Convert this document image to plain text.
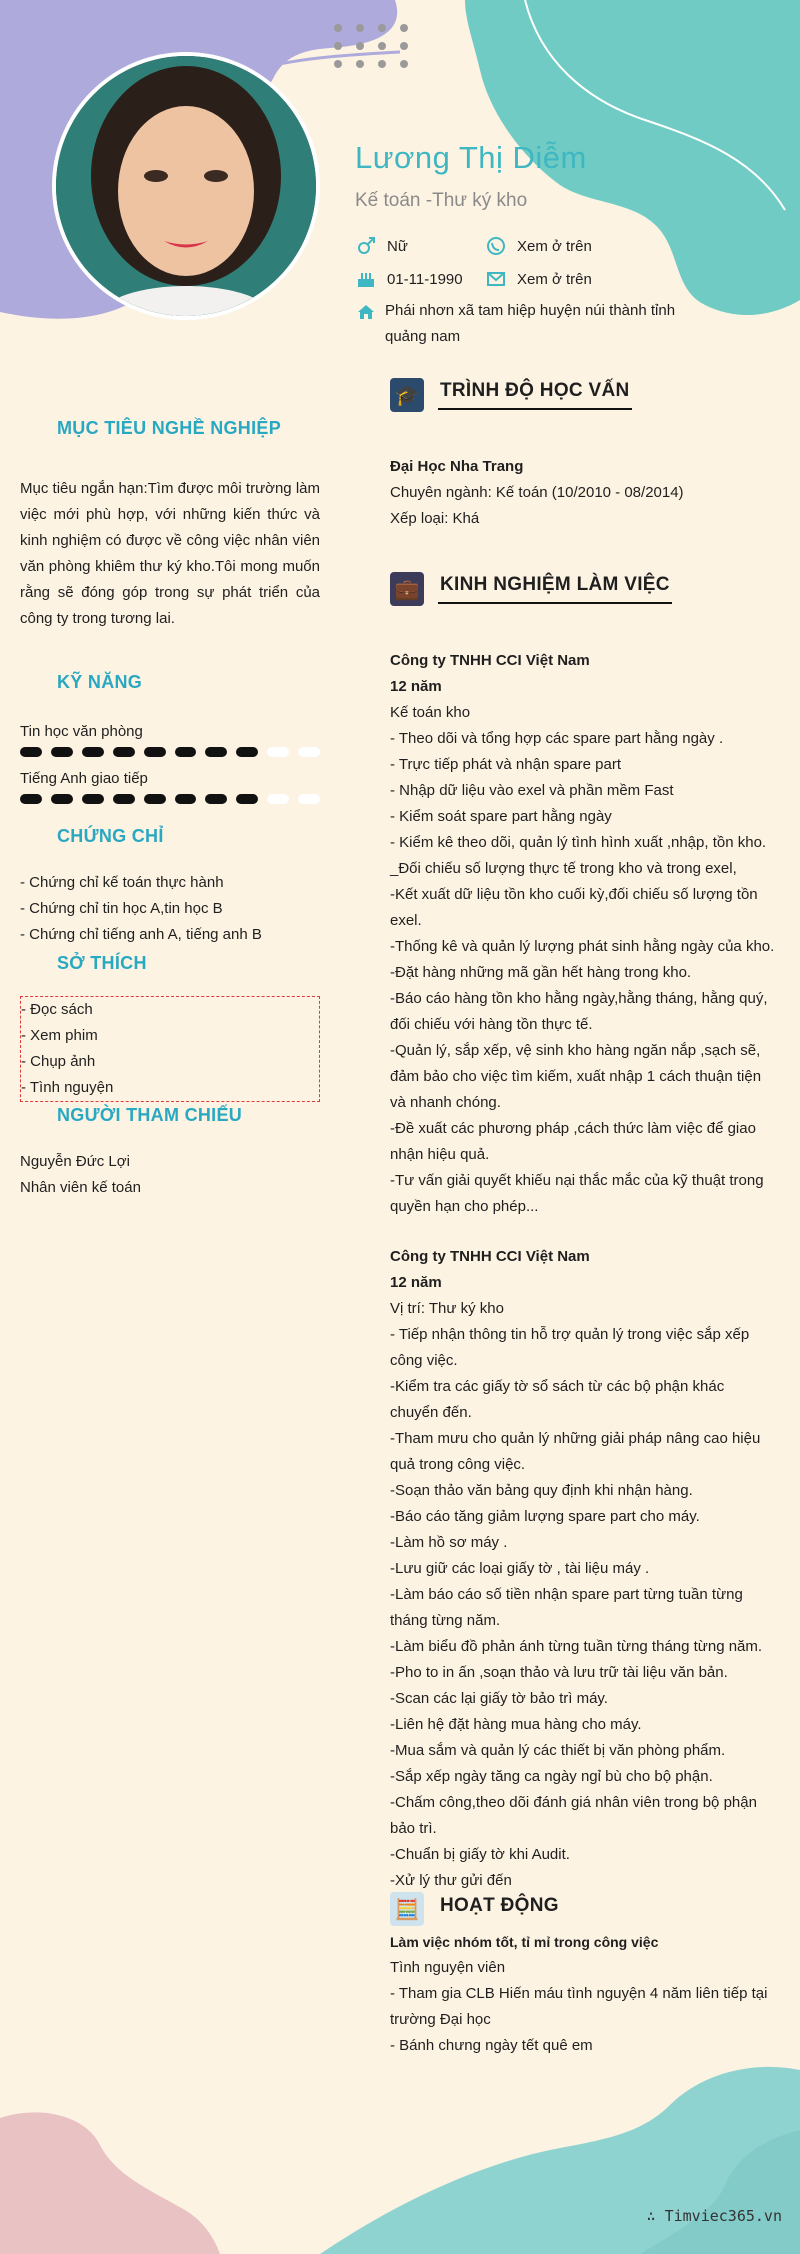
Lương Thị Diễm
Kế toán -Thư ký kho
Nữ	Xem ở trên
01-11-1990	Xem ở trên
Phái nhơn xã tam hiệp huyện núi thành tỉnh quảng nam
MỤC TIÊU NGHỀ NGHIỆP
Mục tiêu ngắn hạn:Tìm được môi trường làm việc mới phù hợp, với những kiến thức và kinh nghiệm có được về công việc nhân viên văn phòng khiêm thư ký kho.Tôi mong muốn rằng sẽ đóng góp trong sự phát triển của công ty trong tương lai.
KỸ NĂNG
Tin học văn phòng
Tiếng Anh giao tiếp
CHỨNG CHỈ
- Chứng chỉ kế toán thực hành
- Chứng chỉ tin học A,tin học B
- Chứng chỉ tiếng anh A, tiếng anh B
SỞ THÍCH
- Đọc sách
- Xem phim
- Chụp ảnh
- Tình nguyện
NGƯỜI THAM CHIẾU
Nguyễn Đức Lợi
Nhân viên kế toán
🎓 TRÌNH ĐỘ HỌC VẤN
Đại Học Nha Trang
Chuyên ngành: Kế toán (10/2010 - 08/2014)
Xếp loại: Khá
💼 KINH NGHIỆM LÀM VIỆC
Công ty TNHH CCI Việt Nam
12 năm
Kế toán kho
- Theo dõi và tổng hợp các spare part hằng ngày .
- Trực tiếp phát và nhận spare part
- Nhập dữ liệu vào exel và phần mềm Fast
- Kiểm soát spare part hằng ngày
- Kiểm kê theo dõi, quản lý tình hình xuất ,nhập, tồn kho.
_Đối chiếu số lượng thực tế trong kho và trong exel,
-Kết xuất dữ liệu tồn kho cuối kỳ,đối chiếu số lượng tồn exel.
-Thống kê và quản lý lượng phát sinh hằng ngày của kho.
-Đặt hàng những mã gần hết hàng trong kho.
-Báo cáo hàng tồn kho hằng ngày,hằng tháng, hằng quý, đối chiếu với hàng tồn thực tế.
-Quản lý, sắp xếp, vệ sinh kho hàng ngăn nắp ,sạch sẽ, đảm bảo cho việc tìm kiếm, xuất nhập 1 cách thuận tiện và nhanh chóng.
-Đề xuất các phương pháp ,cách thức làm việc để giao nhận hiệu quả.
-Tư vấn giải quyết khiếu nại thắc mắc của kỹ thuật trong quyền hạn cho phép...
Công ty TNHH CCI Việt Nam
12 năm
Vị trí: Thư ký kho
- Tiếp nhận thông tin hỗ trợ quản lý trong việc sắp xếp công việc.
-Kiểm tra các giấy tờ sổ sách từ các bộ phận khác chuyển đến.
-Tham mưu cho quản lý những giải pháp nâng cao hiệu quả trong công việc.
-Soạn thảo văn bảng quy định khi nhận hàng.
-Báo cáo tăng giảm lượng spare part cho máy.
-Làm hồ sơ máy .
-Lưu giữ các loại giấy tờ , tài liệu máy .
-Làm báo cáo số tiền nhận spare part từng tuần từng tháng từng năm.
-Làm biểu đồ phản ánh từng tuần từng tháng từng năm.
-Pho to in ấn ,soạn thảo và lưu trữ tài liệu văn bản.
-Scan các lại giấy tờ bảo trì máy.
-Liên hệ đặt hàng mua hàng cho máy.
-Mua sắm và quản lý các thiết bị văn phòng phẩm.
-Sắp xếp ngày tăng ca ngày ngỉ bù cho bộ phận.
-Chấm công,theo dõi đánh giá nhân viên trong bộ phận bảo trì.
-Chuẩn bị giấy tờ khi Audit.
-Xử lý thư gửi đến
🧮 HOẠT ĐỘNG
Làm việc nhóm tốt, tỉ mỉ trong công việc
Tình nguyện viên
- Tham gia CLB Hiến máu tình nguyện 4 năm liên tiếp tại trường Đại học
- Bánh chưng ngày tết quê em
∴ Timviec365.vn
